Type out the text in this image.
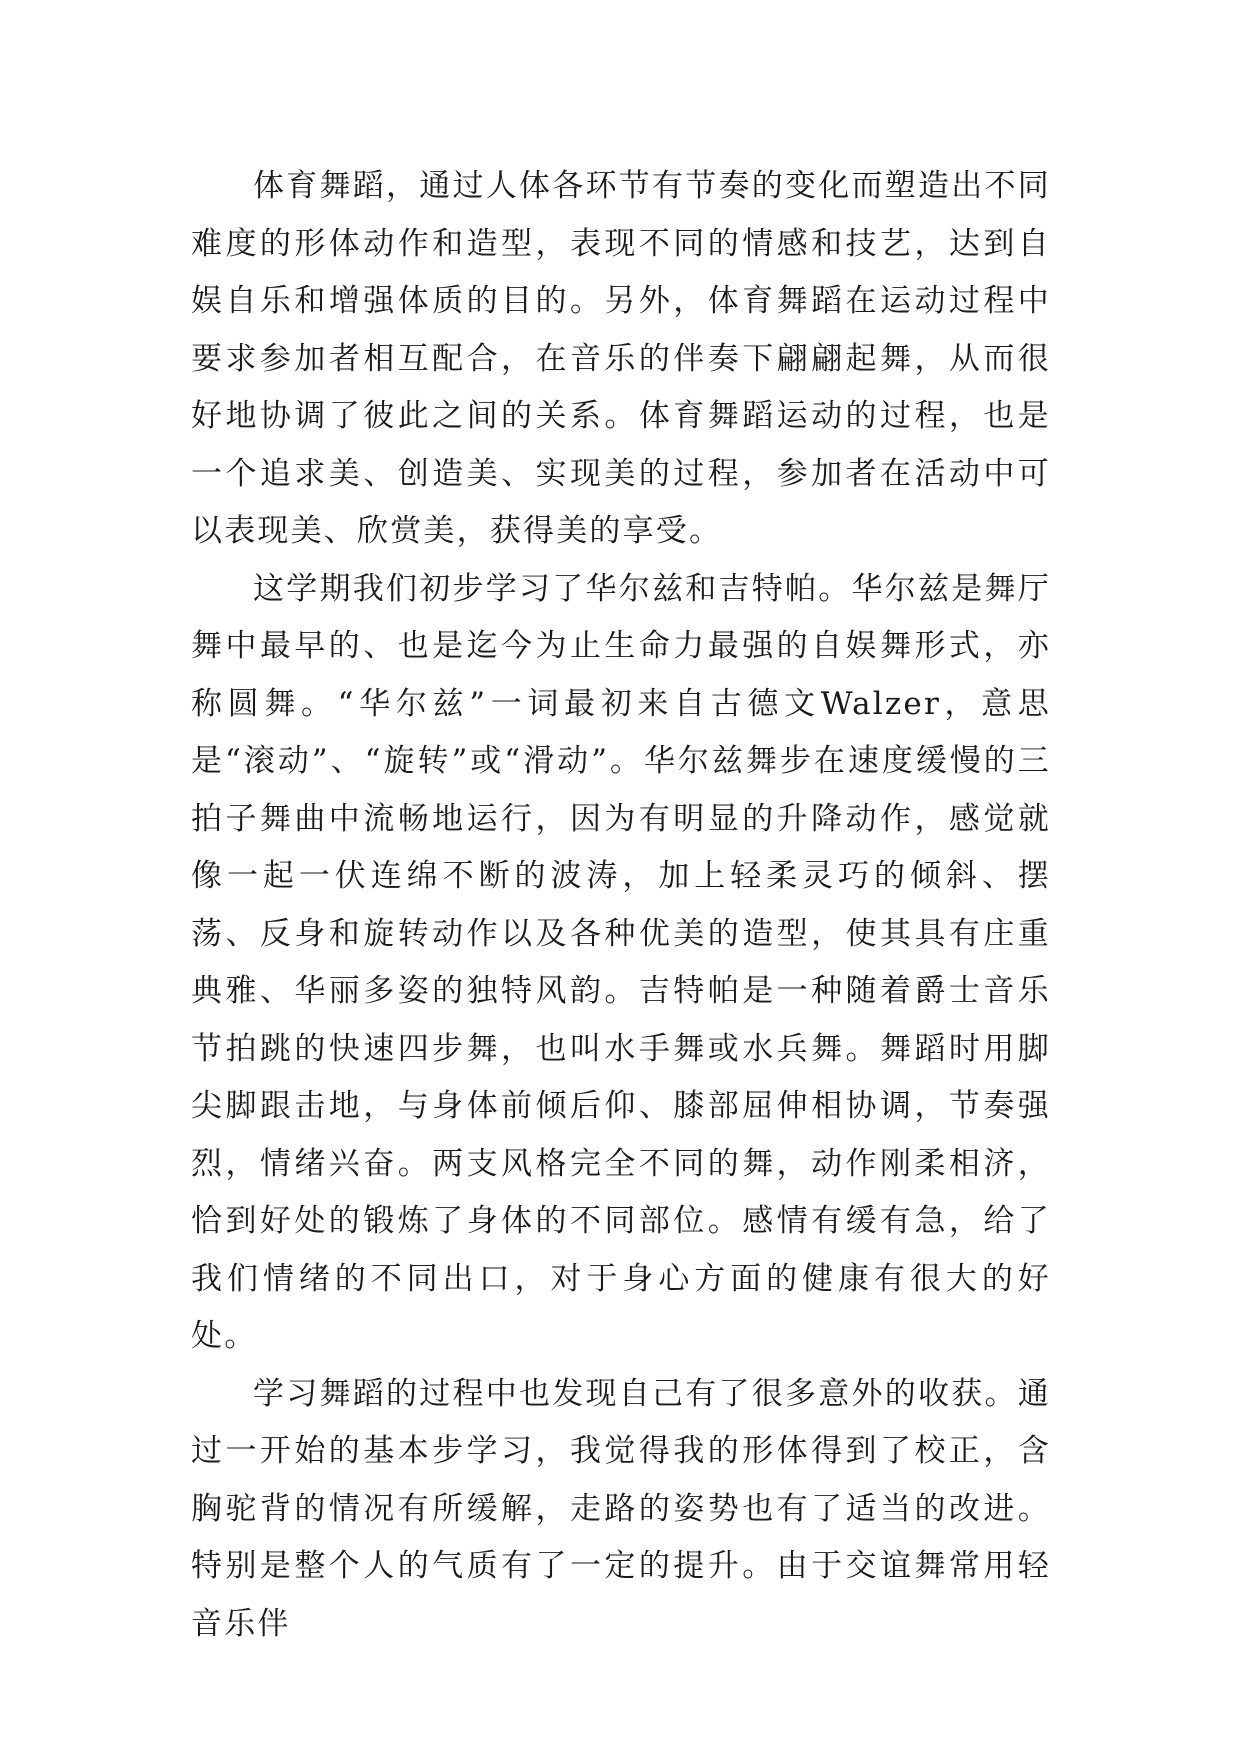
体育舞蹈，通过人体各环节有节奏的变化而塑造出不同难度的形体动作和造型，表现不同的情感和技艺，达到自娱自乐和增强体质的目的。另外，体育舞蹈在运动过程中要求参加者相互配合，在音乐的伴奏下翩翩起舞，从而很好地协调了彼此之间的关系。体育舞蹈运动的过程，也是一个追求美、创造美、实现美的过程，参加者在活动中可以表现美、欣赏美，获得美的享受。

这学期我们初步学习了华尔兹和吉特帕。华尔兹是舞厅舞中最早的、也是迄今为止生命力最强的自娱舞形式，亦称圆舞。“华尔兹”一词最初来自古德文Walzer，意思是“滚动”、“旋转”或“滑动”。华尔兹舞步在速度缓慢的三拍子舞曲中流畅地运行，因为有明显的升降动作，感觉就像一起一伏连绵不断的波涛，加上轻柔灵巧的倾斜、摆荡、反身和旋转动作以及各种优美的造型，使其具有庄重典雅、华丽多姿的独特风韵。吉特帕是一种随着爵士音乐节拍跳的快速四步舞，也叫水手舞或水兵舞。舞蹈时用脚尖脚跟击地，与身体前倾后仰、膝部屈伸相协调，节奏强烈，情绪兴奋。两支风格完全不同的舞，动作刚柔相济，恰到好处的锻炼了身体的不同部位。感情有缓有急，给了我们情绪的不同出口，对于身心方面的健康有很大的好处。

学习舞蹈的过程中也发现自己有了很多意外的收获。通过一开始的基本步学习，我觉得我的形体得到了校正，含胸驼背的情况有所缓解，走路的姿势也有了适当的改进。特别是整个人的气质有了一定的提升。由于交谊舞常用轻音乐伴
